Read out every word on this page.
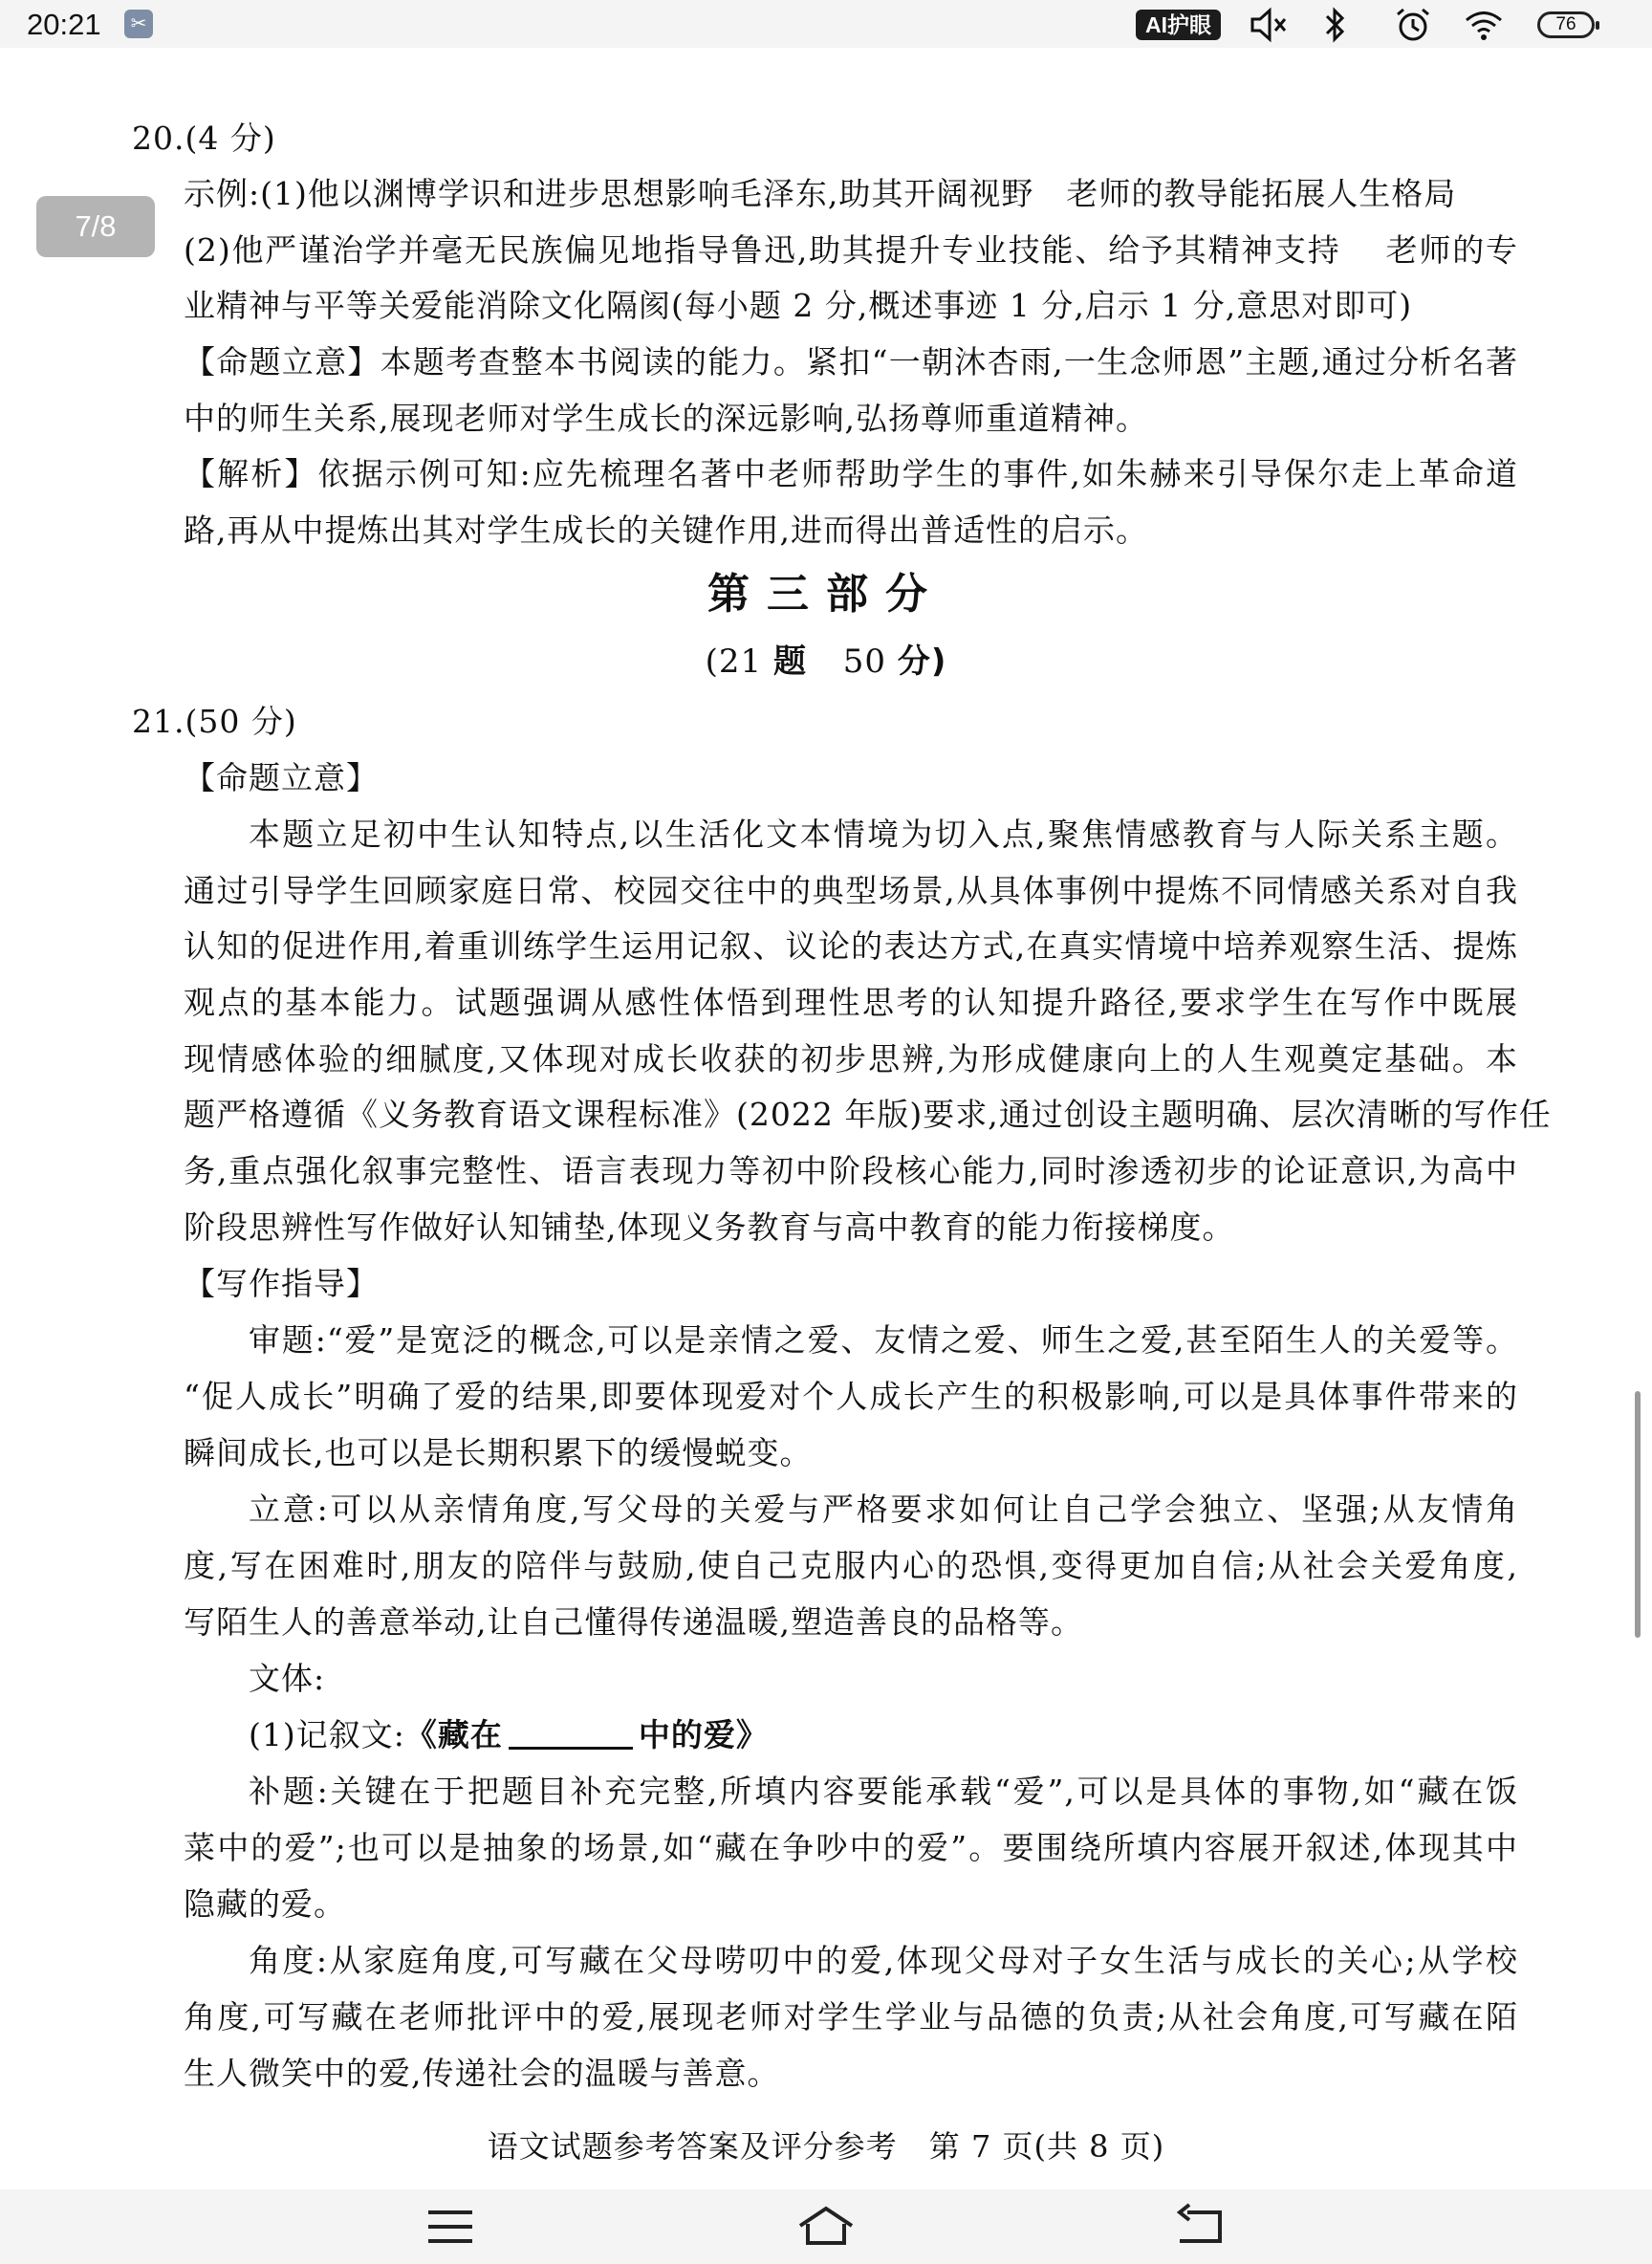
20:21	✂	AI护眼	76
7/8
20.(4 分)
示例:(1)他以渊博学识和进步思想影响毛泽东,助其开阔视野　老师的教导能拓展人生格局
(2)他严谨治学并毫无民族偏见地指导鲁迅,助其提升专业技能、给予其精神支持　 老师的专
业精神与平等关爱能消除文化隔阂(每小题 2 分,概述事迹 1 分,启示 1 分,意思对即可)
【命题立意】本题考查整本书阅读的能力。紧扣“一朝沐杏雨,一生念师恩”主题,通过分析名著
中的师生关系,展现老师对学生成长的深远影响,弘扬尊师重道精神。
【解析】依据示例可知:应先梳理名著中老师帮助学生的事件,如朱赫来引导保尔走上革命道
路,再从中提炼出其对学生成长的关键作用,进而得出普适性的启示。
第三部分
(21 题 50 分)
21.(50 分)
【命题立意】
本题立足初中生认知特点,以生活化文本情境为切入点,聚焦情感教育与人际关系主题。
通过引导学生回顾家庭日常、校园交往中的典型场景,从具体事例中提炼不同情感关系对自我
认知的促进作用,着重训练学生运用记叙、议论的表达方式,在真实情境中培养观察生活、提炼
观点的基本能力。试题强调从感性体悟到理性思考的认知提升路径,要求学生在写作中既展
现情感体验的细腻度,又体现对成长收获的初步思辨,为形成健康向上的人生观奠定基础。本
题严格遵循《义务教育语文课程标准》(2022 年版)要求,通过创设主题明确、层次清晰的写作任
务,重点强化叙事完整性、语言表现力等初中阶段核心能力,同时渗透初步的论证意识,为高中
阶段思辨性写作做好认知铺垫,体现义务教育与高中教育的能力衔接梯度。
【写作指导】
审题:“爱”是宽泛的概念,可以是亲情之爱、友情之爱、师生之爱,甚至陌生人的关爱等。
“促人成长”明确了爱的结果,即要体现爱对个人成长产生的积极影响,可以是具体事件带来的
瞬间成长,也可以是长期积累下的缓慢蜕变。
立意:可以从亲情角度,写父母的关爱与严格要求如何让自己学会独立、坚强;从友情角
度,写在困难时,朋友的陪伴与鼓励,使自己克服内心的恐惧,变得更加自信;从社会关爱角度,
写陌生人的善意举动,让自己懂得传递温暖,塑造善良的品格等。
文体:
(1)记叙文:《藏在	中的爱》
补题:关键在于把题目补充完整,所填内容要能承载“爱”,可以是具体的事物,如“藏在饭
菜中的爱”;也可以是抽象的场景,如“藏在争吵中的爱”。要围绕所填内容展开叙述,体现其中
隐藏的爱。
角度:从家庭角度,可写藏在父母唠叨中的爱,体现父母对子女生活与成长的关心;从学校
角度,可写藏在老师批评中的爱,展现老师对学生学业与品德的负责;从社会角度,可写藏在陌
生人微笑中的爱,传递社会的温暖与善意。
语文试题参考答案及评分参考　第 7 页(共 8 页)
